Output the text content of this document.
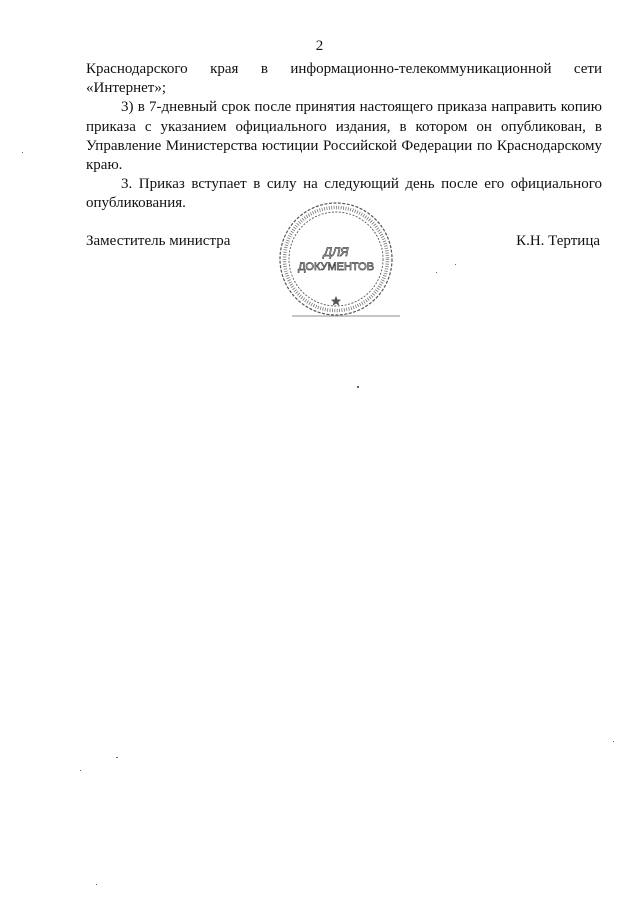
2

Краснодарского края в информационно-телекоммуникационной сети «Интернет»;

3) в 7-дневный срок после принятия настоящего приказа направить копию приказа с указанием официального издания, в котором он опубликован, в Управление Министерства юстиции Российской Федерации по Краснодарскому краю.

3. Приказ вступает в силу на следующий день после его официального опубликования.

Заместитель министра	К.Н. Тертица
ДЛЯ
ДОКУМЕНТОВ
